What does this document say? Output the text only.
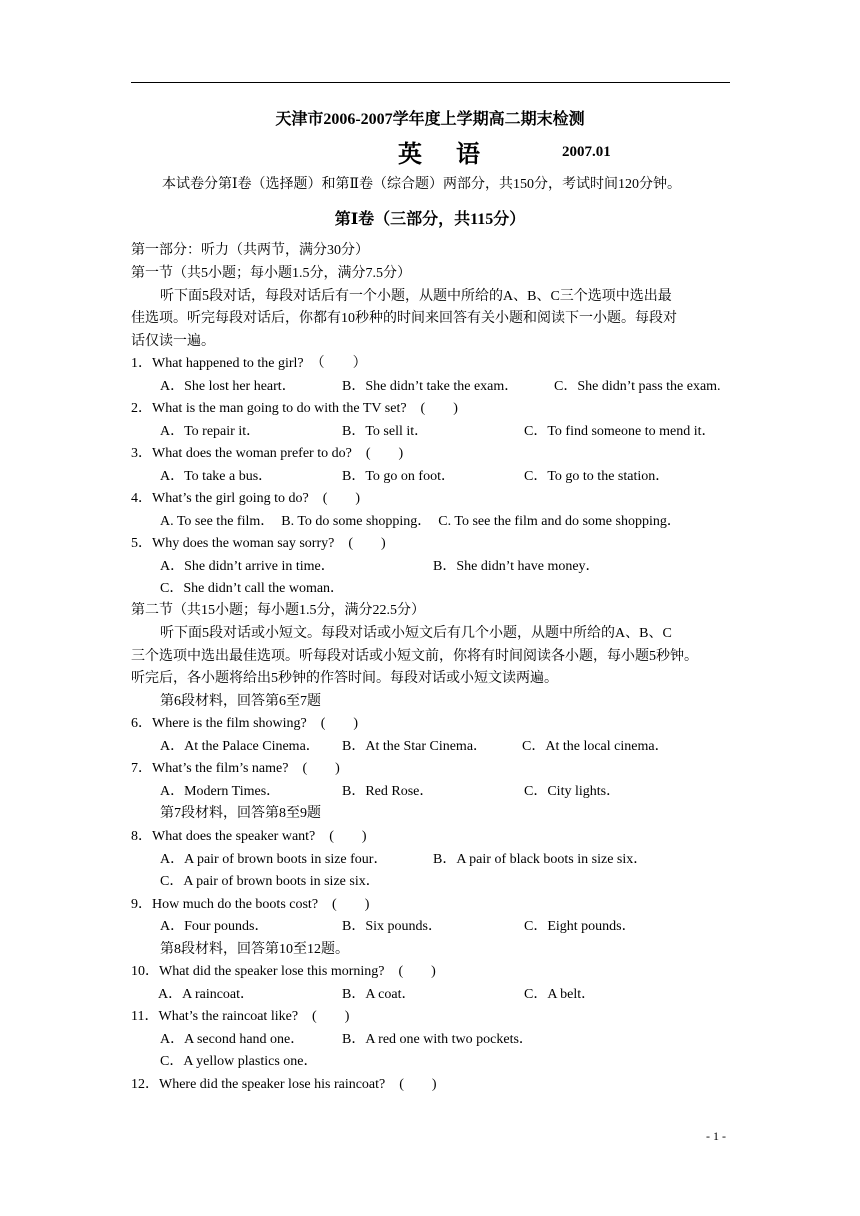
天津市2006-2007学年度上学期高二期末检测
英 语	2007.01
本试卷分第Ⅰ卷（选择题）和第Ⅱ卷（综合题）两部分，共150分，考试时间120分钟。
第Ⅰ卷（三部分，共115分）
第一部分：听力（共两节，满分30分）
第一节（共5小题；每小题1.5分，满分7.5分）
听下面5段对话，每段对话后有一个小题，从题中所给的A、B、C三个选项中选出最
佳选项。听完每段对话后，你都有10秒种的时间来回答有关小题和阅读下一小题。每段对
话仅读一遍。
1．What happened to the girl?　（　　）
A．She lost her heart．	B．She didn’t take the exam．	C．She didn’t pass the exam.
2．What is the man going to do with the TV set?　(　　)
A．To repair it．	B．To sell it．	C．To find someone to mend it．
3．What does the woman prefer to do?　(　　)
A．To take a bus．	B．To go on foot．	C．To go to the station．
4．What’s the girl going to do?　(　　)
A. To see the film．　B. To do some shopping．　C. To see the film and do some shopping．
5．Why does the woman say sorry?　(　　)
A．She didn’t arrive in time．	B．She didn’t have money．
C．She didn’t call the woman．
第二节（共15小题；每小题1.5分，满分22.5分）
听下面5段对话或小短文。每段对话或小短文后有几个小题，从题中所给的A、B、C
三个选项中选出最佳选项。听每段对话或小短文前，你将有时间阅读各小题，每小题5秒钟。
听完后，各小题将给出5秒钟的作答时间。每段对话或小短文读两遍。
第6段材料，回答第6至7题
6．Where is the film showing?　(　　)
A．At the Palace Cinema． B．At the Star Cinema． C．At the local cinema．
7．What’s the film’s name?　(　　)
A．Modern Times．	B．Red Rose．	C．City lights．
第7段材料，回答第8至9题
8．What does the speaker want?　(　　)
A．A pair of brown boots in size four．	B．A pair of black boots in size six．
C．A pair of brown boots in size six．
9．How much do the boots cost?　(　　)
A．Four pounds．	B．Six pounds．	C．Eight pounds．
第8段材料，回答第10至12题。
10．What did the speaker lose this morning?　(　　)
A．A raincoat．	B．A coat．	C．A belt．
11．What’s the raincoat like?　(　　)
A．A second hand one．	B．A red one with two pockets．
C．A yellow plastics one．
12．Where did the speaker lose his raincoat?　(　　)
- 1 -
